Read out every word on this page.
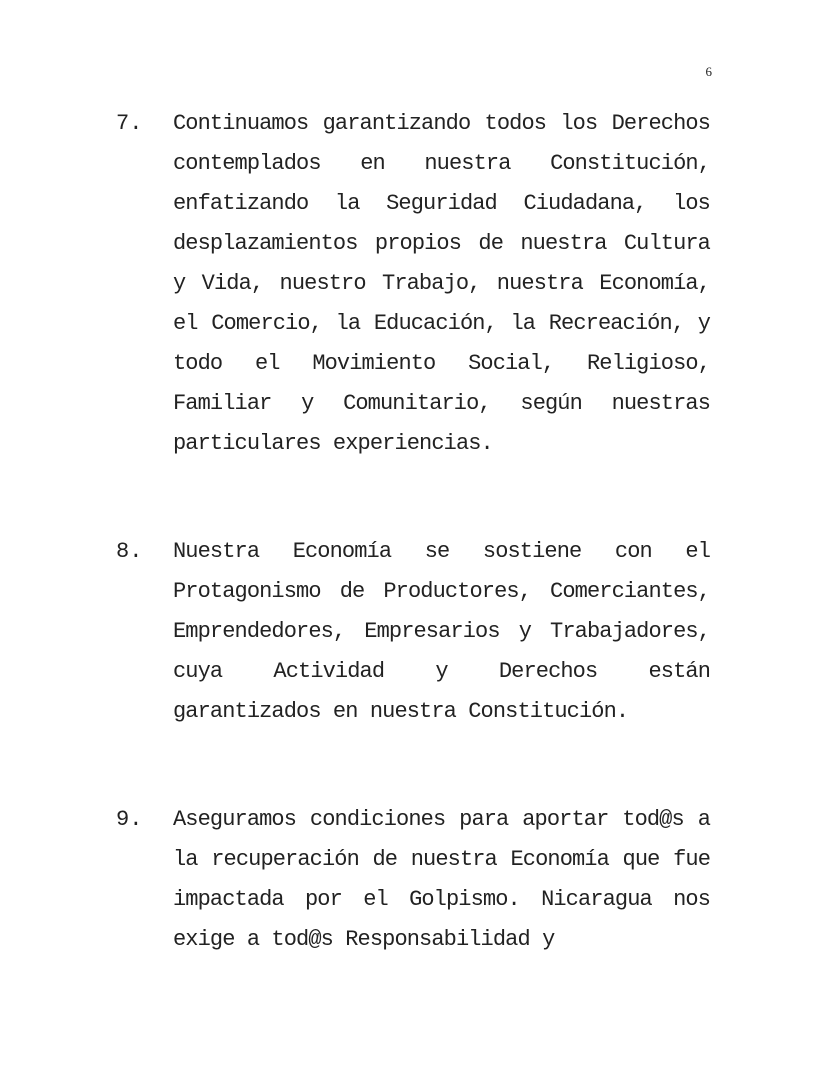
6
7. Continuamos garantizando todos los Derechos contemplados en nuestra Constitución, enfatizando la Seguridad Ciudadana, los desplazamientos propios de nuestra Cultura y Vida, nuestro Trabajo, nuestra Economía, el Comercio, la Educación, la Recreación, y todo el Movimiento Social, Religioso, Familiar y Comunitario, según nuestras particulares experiencias.
8. Nuestra Economía se sostiene con el Protagonismo de Productores, Comerciantes, Emprendedores, Empresarios y Trabajadores, cuya Actividad y Derechos están garantizados en nuestra Constitución.
9. Aseguramos condiciones para aportar tod@s a la recuperación de nuestra Economía que fue impactada por el Golpismo. Nicaragua nos exige a tod@s Responsabilidad y
